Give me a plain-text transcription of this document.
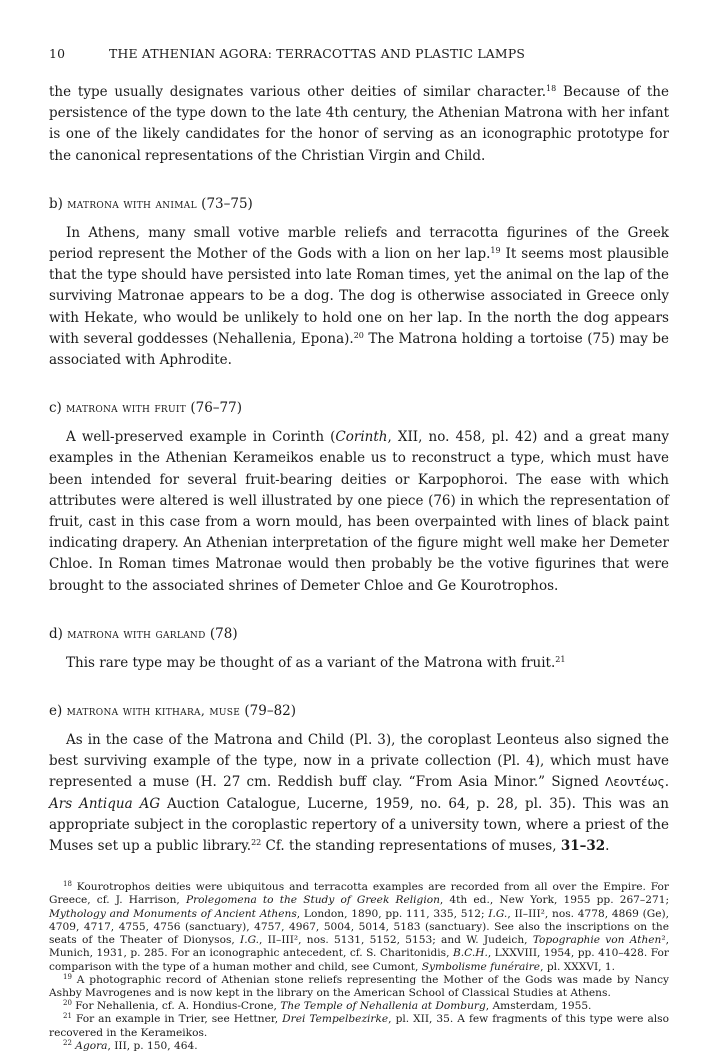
10	THE ATHENIAN AGORA: TERRACOTTAS AND PLASTIC LAMPS

the type usually designates various other deities of similar character.$^{18}$ Because of the persistence of the type down to the late 4th century, the Athenian Matrona with her infant is one of the likely candidates for the honor of serving as an iconographic prototype for the canonical representations of the Christian Virgin and Child.

b) matrona with animal (73–75)

In Athens, many small votive marble reliefs and terracotta figurines of the Greek period represent the Mother of the Gods with a lion on her lap.$^{19}$ It seems most plausible that the type should have persisted into late Roman times, yet the animal on the lap of the surviving Matronae appears to be a dog. The dog is otherwise associated in Greece only with Hekate, who would be unlikely to hold one on her lap. In the north the dog appears with several goddesses (Nehallenia, Epona).$^{20}$ The Matrona holding a tortoise (75) may be associated with Aphrodite.

c) matrona with fruit (76–77)

A well-preserved example in Corinth (Corinth, XII, no. 458, pl. 42) and a great many examples in the Athenian Kerameikos enable us to reconstruct a type, which must have been intended for several fruit-bearing deities or Karpophoroi. The ease with which attributes were altered is well illustrated by one piece (76) in which the representation of fruit, cast in this case from a worn mould, has been overpainted with lines of black paint indicating drapery. An Athenian interpretation of the figure might well make her Demeter Chloe. In Roman times Matronae would then probably be the votive figurines that were brought to the associated shrines of Demeter Chloe and Ge Kourotrophos.

d) matrona with garland (78)

This rare type may be thought of as a variant of the Matrona with fruit.$^{21}$

e) matrona with kithara, muse (79–82)

As in the case of the Matrona and Child (Pl. 3), the coroplast Leonteus also signed the best surviving example of the type, now in a private collection (Pl. 4), which must have represented a muse (H. 27 cm. Reddish buff clay. “From Asia Minor.” Signed Λεοντέως. Ars Antiqua AG Auction Catalogue, Lucerne, 1959, no. 64, p. 28, pl. 35). This was an appropriate subject in the coroplastic repertory of a university town, where a priest of the Muses set up a public library.$^{22}$ Cf. the standing representations of muses, 31–32.

$^{18}$ Kourotrophos deities were ubiquitous and terracotta examples are recorded from all over the Empire. For Greece, cf. J. Harrison, Prolegomena to the Study of Greek Religion, 4th ed., New York, 1955 pp. 267–271; Mythology and Monuments of Ancient Athens, London, 1890, pp. 111, 335, 512; I.G., II–III², nos. 4778, 4869 (Ge), 4709, 4717, 4755, 4756 (sanctuary), 4757, 4967, 5004, 5014, 5183 (sanctuary). See also the inscriptions on the seats of the Theater of Dionysos, I.G., II–III², nos. 5131, 5152, 5153; and W. Judeich, Topographie von Athen², Munich, 1931, p. 285. For an iconographic antecedent, cf. S. Charitonidis, B.C.H., LXXVIII, 1954, pp. 410–428. For comparison with the type of a human mother and child, see Cumont, Symbolisme funéraire, pl. XXXVI, 1.

$^{19}$ A photographic record of Athenian stone reliefs representing the Mother of the Gods was made by Nancy Ashby Mavrogenes and is now kept in the library on the American School of Classical Studies at Athens.

$^{20}$ For Nehallenia, cf. A. Hondius-Crone, The Temple of Nehallenia at Domburg, Amsterdam, 1955.

$^{21}$ For an example in Trier, see Hettner, Drei Tempelbezirke, pl. XII, 35. A few fragments of this type were also recovered in the Kerameikos.

$^{22}$ Agora, III, p. 150, 464.
